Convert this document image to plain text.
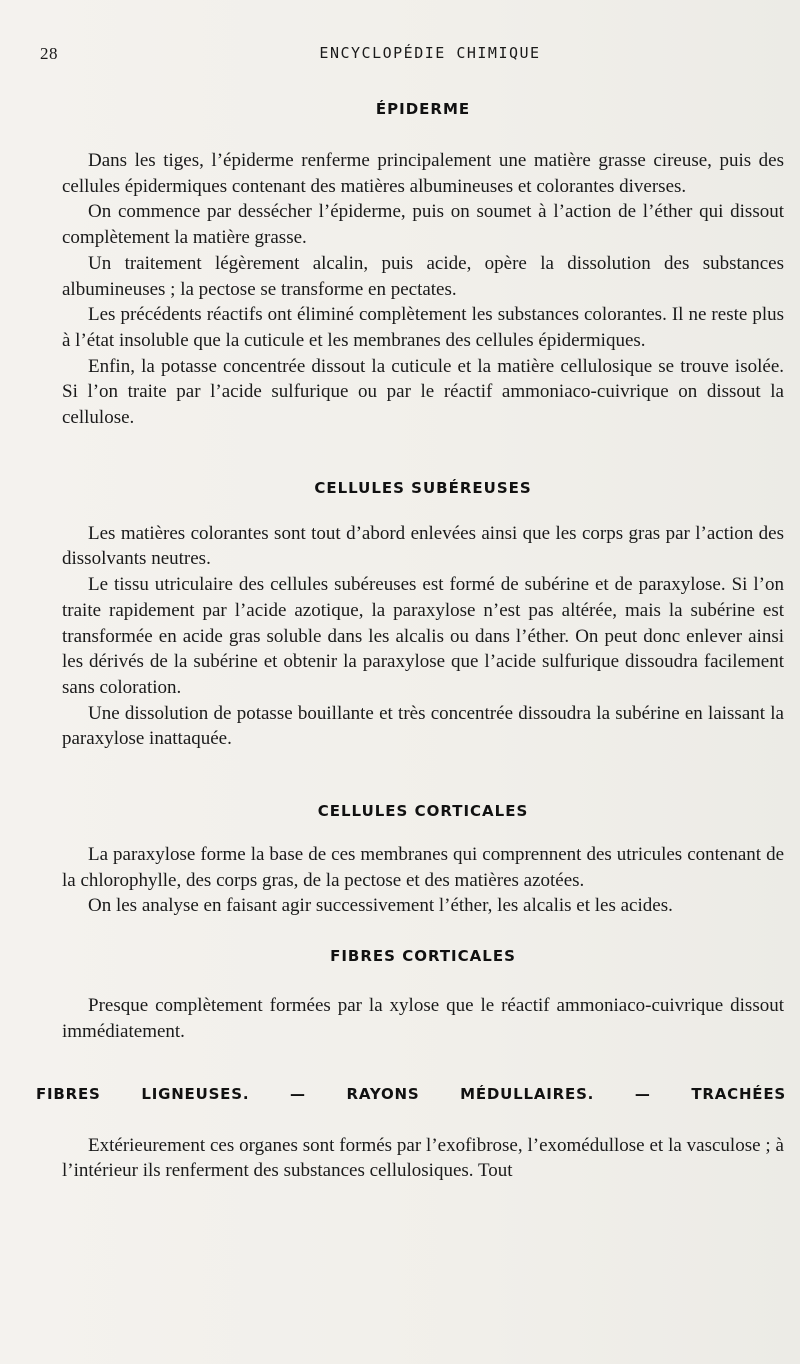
28	ENCYCLOPÉDIE CHIMIQUE
ÉPIDERME

Dans les tiges, l’épiderme renferme principalement une matière grasse cireuse, puis des cellules épidermiques contenant des matières albumineuses et colorantes diverses.

On commence par dessécher l’épiderme, puis on soumet à l’action de l’éther qui dissout complètement la matière grasse.

Un traitement légèrement alcalin, puis acide, opère la dissolution des substances albumineuses ; la pectose se transforme en pectates.

Les précédents réactifs ont éliminé complètement les substances colorantes. Il ne reste plus à l’état insoluble que la cuticule et les membranes des cellules épidermiques.

Enfin, la potasse concentrée dissout la cuticule et la matière cellulosique se trouve isolée. Si l’on traite par l’acide sulfurique ou par le réactif ammoniaco-cuivrique on dissout la cellulose.

CELLULES SUBÉREUSES

Les matières colorantes sont tout d’abord enlevées ainsi que les corps gras par l’action des dissolvants neutres.

Le tissu utriculaire des cellules subéreuses est formé de subérine et de paraxylose. Si l’on traite rapidement par l’acide azotique, la paraxylose n’est pas altérée, mais la subérine est transformée en acide gras soluble dans les alcalis ou dans l’éther. On peut donc enlever ainsi les dérivés de la subérine et obtenir la paraxylose que l’acide sulfurique dissoudra facilement sans coloration.

Une dissolution de potasse bouillante et très concentrée dissoudra la subérine en laissant la paraxylose inattaquée.

CELLULES CORTICALES

La paraxylose forme la base de ces membranes qui comprennent des utricules contenant de la chlorophylle, des corps gras, de la pectose et des matières azotées.

On les analyse en faisant agir successivement l’éther, les alcalis et les acides.

FIBRES CORTICALES

Presque complètement formées par la xylose que le réactif ammoniaco-cuivrique dissout immédiatement.

FIBRES LIGNEUSES. — RAYONS MÉDULLAIRES. — TRACHÉES

Extérieurement ces organes sont formés par l’exofibrose, l’exomédullose et la vasculose ; à l’intérieur ils renferment des substances cellulosiques. Tout
